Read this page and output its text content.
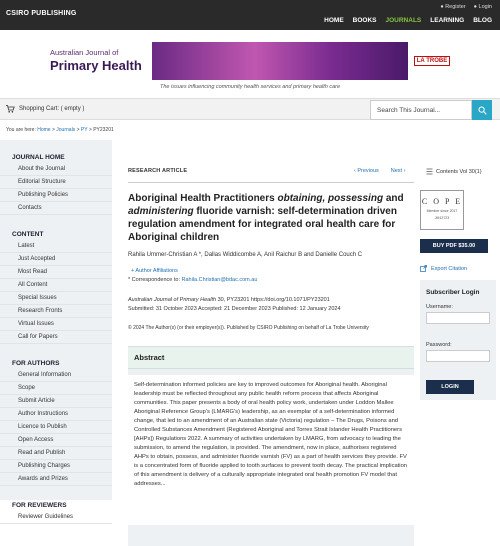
CSIRO PUBLISHING
● Register ● Login
HOME BOOKS JOURNALS LEARNING BLOG
Australian Journal of
Primary Health	LA TROBE
The issues influencing community health services and primary health care
Shopping Cart: ( empty )	Search This Journal...
You are here: Home > Journals > PY > PY23201
JOURNAL HOME
About the Journal
Editorial Structure
Publishing Policies
Contacts
CONTENT
Latest
Just Accepted
Most Read
All Content
Special Issues
Research Fronts
Virtual Issues
Call for Papers
FOR AUTHORS
General Information
Scope
Submit Article
Author Instructions
Licence to Publish
Open Access
Read and Publish
Publishing Charges
Awards and Prizes
FOR REVIEWERS
Reviewer Guidelines
RESEARCH ARTICLE	‹ Previous Next ›
Aboriginal Health Practitioners obtaining, possessing and administering fluoride varnish: self-determination driven regulation amendment for integrated oral health care for Aboriginal children
Rahila Ummer-Christian A *, Dallas Widdicombe A, Anil Raichur B and Danielle Couch C
+ Author Affiliations
* Correspondence to: Rahila.Christian@bdac.com.au
Australian Journal of Primary Health 30, PY23201 https://doi.org/10.1071/PY23201
Submitted: 31 October 2023 Accepted: 21 December 2023 Published: 12 January 2024
© 2024 The Author(s) (or their employer(s)). Published by CSIRO Publishing on behalf of La Trobe University
Abstract

Self-determination informed policies are key to improved outcomes for Aboriginal health. Aboriginal leadership must be reflected throughout any public health reform process that affects Aboriginal communities. This paper presents a body of oral health policy work, undertaken under Loddon Mallee Aboriginal Reference Group's (LMARG's) leadership, as an exemplar of a self-determination informed change, that led to an amendment of an Australian state (Victoria) regulation – The Drugs, Poisons and Controlled Substances Amendment (Registered Aboriginal and Torres Strait Islander Health Practitioners [AHPs]) Regulations 2022. A summary of activities undertaken by LMARG, from advocacy to leading the submission, to amend the regulation, is provided. The amendment, now in place, authorises registered AHPs to obtain, possess, and administer fluoride varnish (FV) as a part of health services they provide. FV is a concentrated form of fluoride applied to tooth surfaces to prevent tooth decay. The practical implication of this amendment is delivery of a culturally appropriate integrated oral health promotion FV model that addresses...

Contents Vol 30(1)
C O P E
Member since 2017
JM12723
BUY PDF $35.00
Export Citation
Subscriber Login
Username:
Password:
LOGIN
